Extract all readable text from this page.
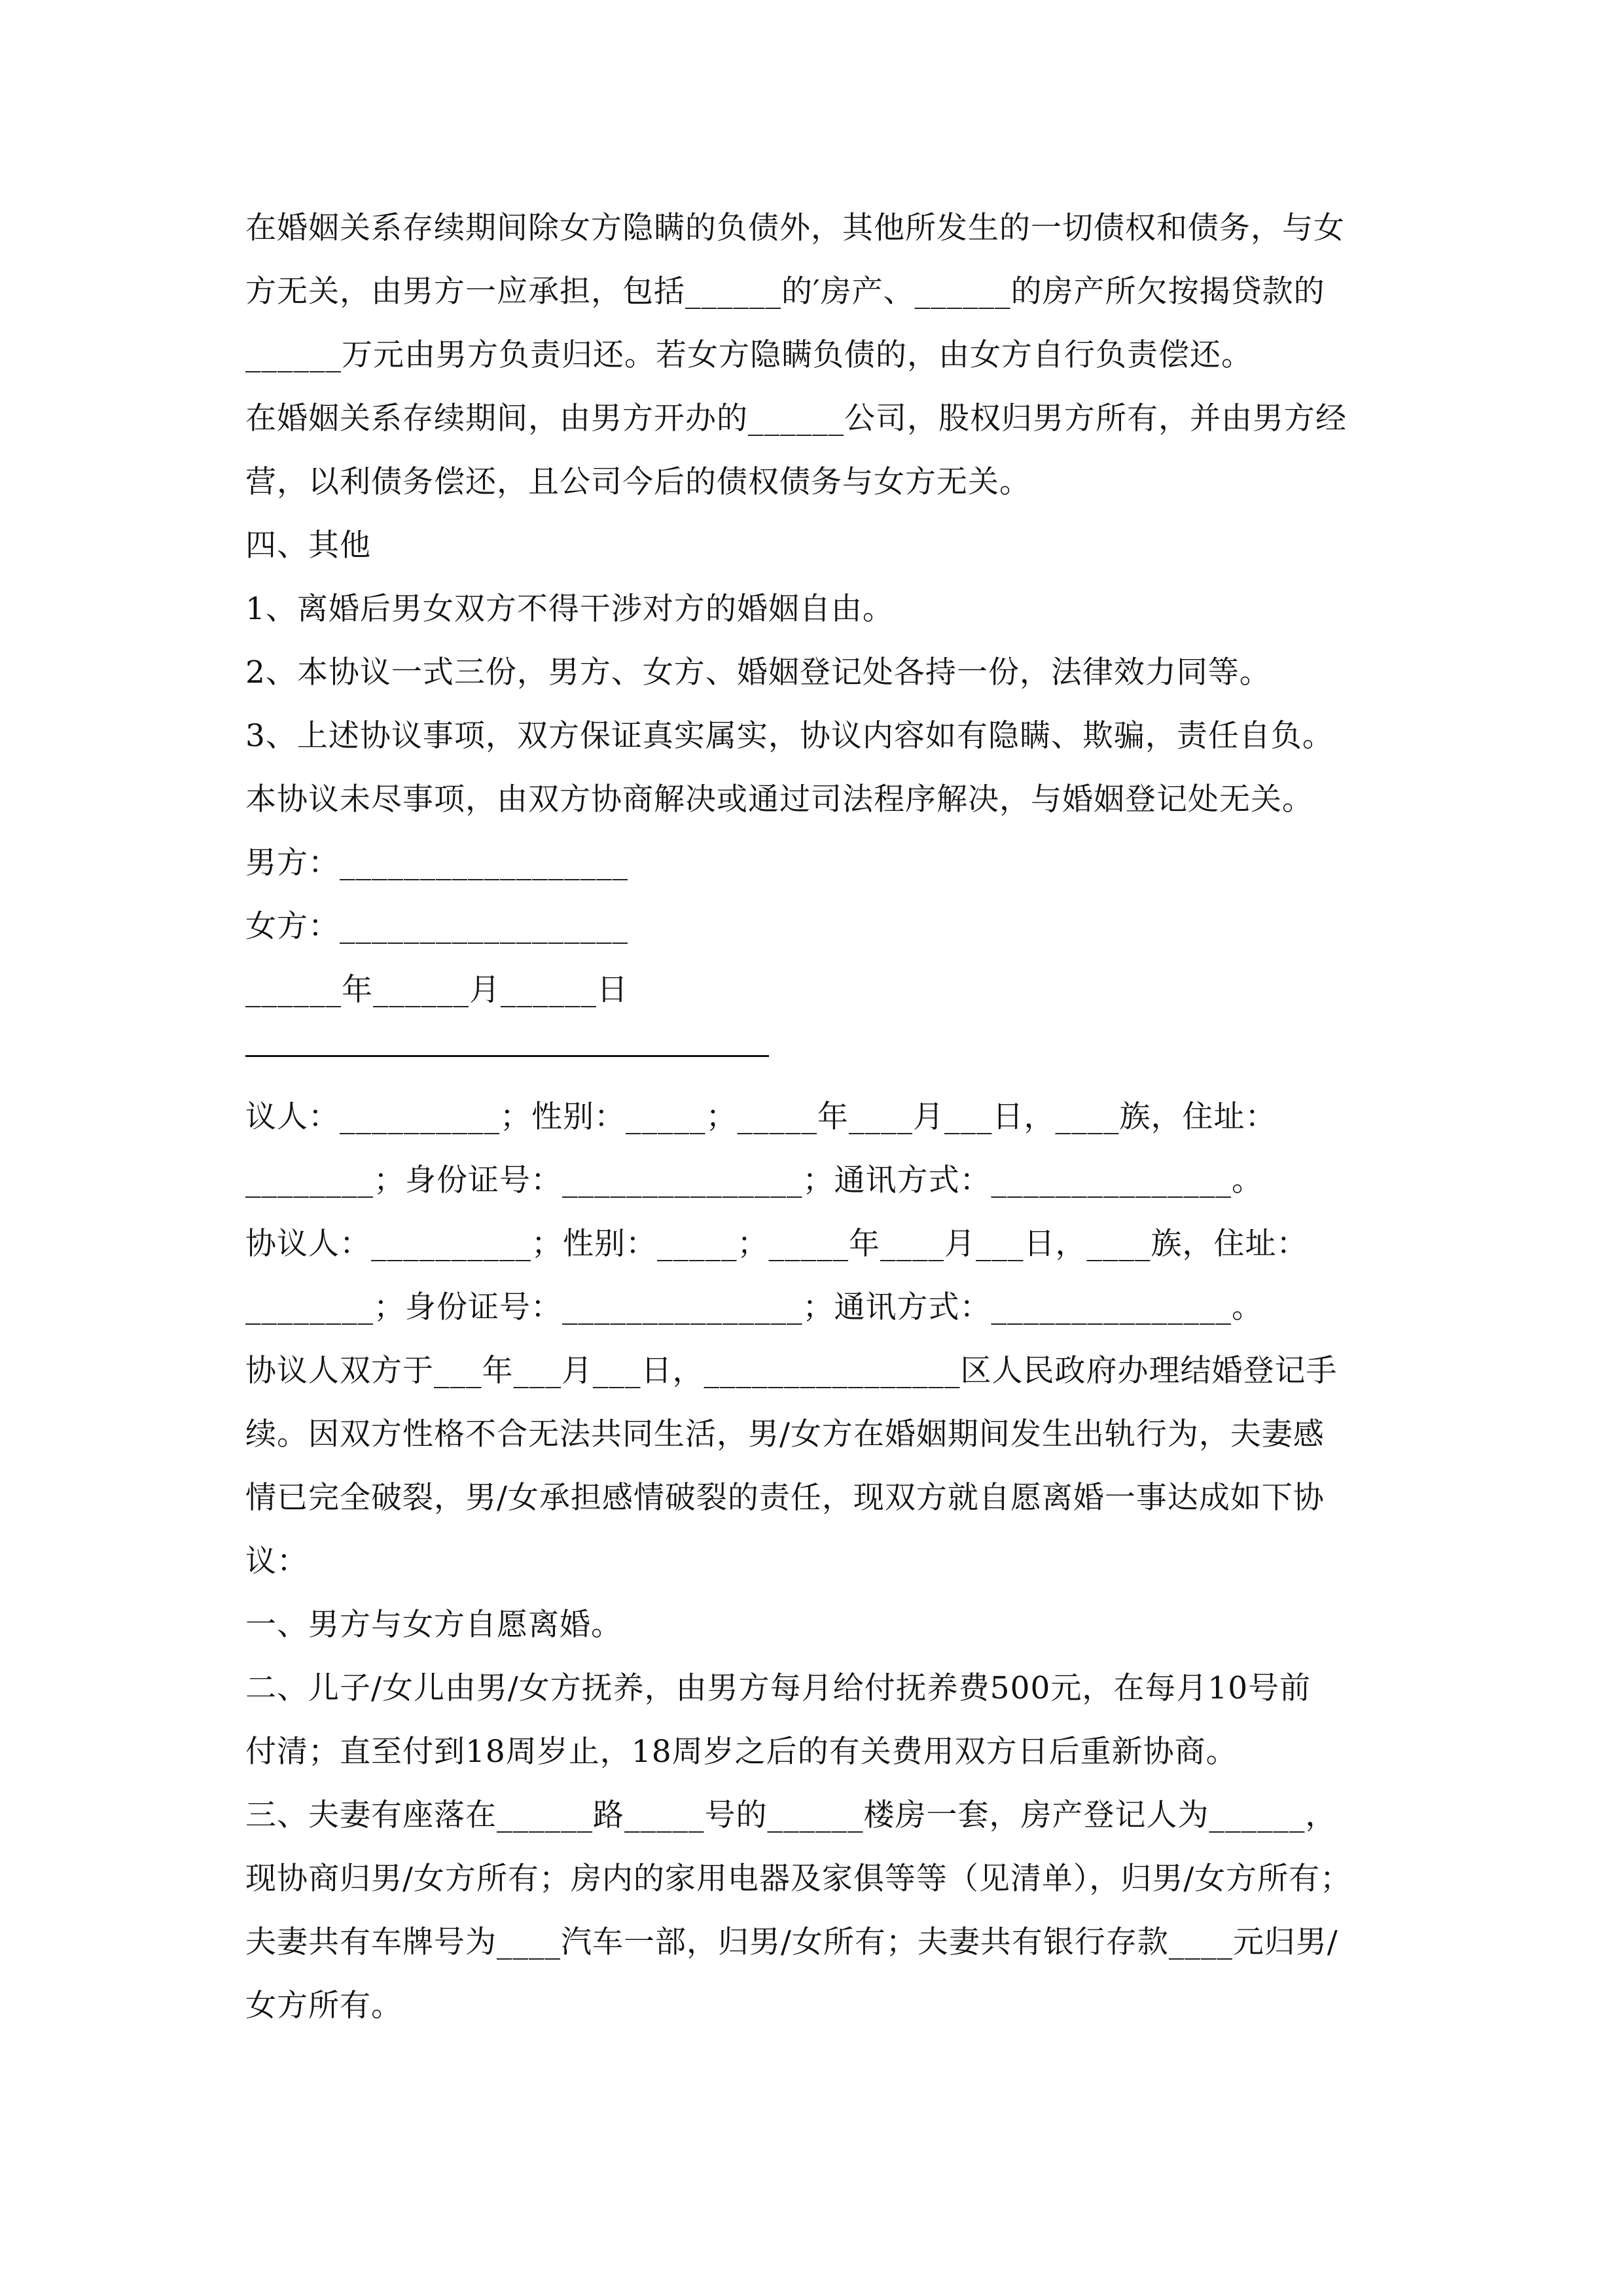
在婚姻关系存续期间除女方隐瞒的负债外，其他所发生的一切债权和债务，与女
方无关，由男方一应承担，包括______的′房产、______的房产所欠按揭贷款的
______万元由男方负责归还。若女方隐瞒负债的，由女方自行负责偿还。
在婚姻关系存续期间，由男方开办的______公司，股权归男方所有，并由男方经
营，以利债务偿还，且公司今后的债权债务与女方无关。
四、其他
1、离婚后男女双方不得干涉对方的婚姻自由。
2、本协议一式三份，男方、女方、婚姻登记处各持一份，法律效力同等。
3、上述协议事项，双方保证真实属实，协议内容如有隐瞒、欺骗，责任自负。
本协议未尽事项，由双方协商解决或通过司法程序解决，与婚姻登记处无关。
男方：__________________
女方：__________________
______年______月______日
议人：__________；性别：_____；_____年____月___日，____族，住址：
________；身份证号：_______________；通讯方式：_______________。
协议人：__________；性别：_____；_____年____月___日，____族，住址：
________；身份证号：_______________；通讯方式：_______________。
协议人双方于___年___月___日，________________区人民政府办理结婚登记手
续。因双方性格不合无法共同生活，男/女方在婚姻期间发生出轨行为，夫妻感
情已完全破裂，男/女承担感情破裂的责任，现双方就自愿离婚一事达成如下协
议：
一、男方与女方自愿离婚。
二、儿子/女儿由男/女方抚养，由男方每月给付抚养费500元，在每月10号前
付清；直至付到18周岁止，18周岁之后的有关费用双方日后重新协商。
三、夫妻有座落在______路_____号的______楼房一套，房产登记人为______，
现协商归男/女方所有；房内的家用电器及家俱等等（见清单），归男/女方所有；
夫妻共有车牌号为____汽车一部，归男/女所有；夫妻共有银行存款____元归男/
女方所有。
